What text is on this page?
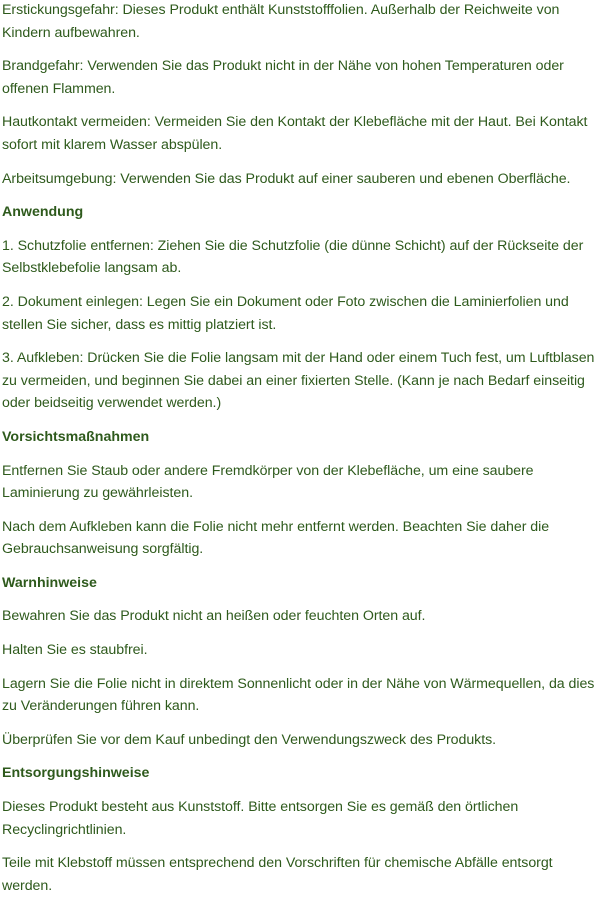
Erstickungsgefahr: Dieses Produkt enthält Kunststofffolien. Außerhalb der Reichweite von Kindern aufbewahren.

Brandgefahr: Verwenden Sie das Produkt nicht in der Nähe von hohen Temperaturen oder offenen Flammen.

Hautkontakt vermeiden: Vermeiden Sie den Kontakt der Klebefläche mit der Haut. Bei Kontakt sofort mit klarem Wasser abspülen.

Arbeitsumgebung: Verwenden Sie das Produkt auf einer sauberen und ebenen Oberfläche.

Anwendung

1. Schutzfolie entfernen: Ziehen Sie die Schutzfolie (die dünne Schicht) auf der Rückseite der Selbstklebefolie langsam ab.

2. Dokument einlegen: Legen Sie ein Dokument oder Foto zwischen die Laminierfolien und stellen Sie sicher, dass es mittig platziert ist.

3. Aufkleben: Drücken Sie die Folie langsam mit der Hand oder einem Tuch fest, um Luftblasen zu vermeiden, und beginnen Sie dabei an einer fixierten Stelle. (Kann je nach Bedarf einseitig oder beidseitig verwendet werden.)

Vorsichtsmaßnahmen

Entfernen Sie Staub oder andere Fremdkörper von der Klebefläche, um eine saubere Laminierung zu gewährleisten.

Nach dem Aufkleben kann die Folie nicht mehr entfernt werden. Beachten Sie daher die Gebrauchsanweisung sorgfältig.

Warnhinweise

Bewahren Sie das Produkt nicht an heißen oder feuchten Orten auf.

Halten Sie es staubfrei.

Lagern Sie die Folie nicht in direktem Sonnenlicht oder in der Nähe von Wärmequellen, da dies zu Veränderungen führen kann.

Überprüfen Sie vor dem Kauf unbedingt den Verwendungszweck des Produkts.

Entsorgungshinweise

Dieses Produkt besteht aus Kunststoff. Bitte entsorgen Sie es gemäß den örtlichen Recyclingrichtlinien.

Teile mit Klebstoff müssen entsprechend den Vorschriften für chemische Abfälle entsorgt werden.
